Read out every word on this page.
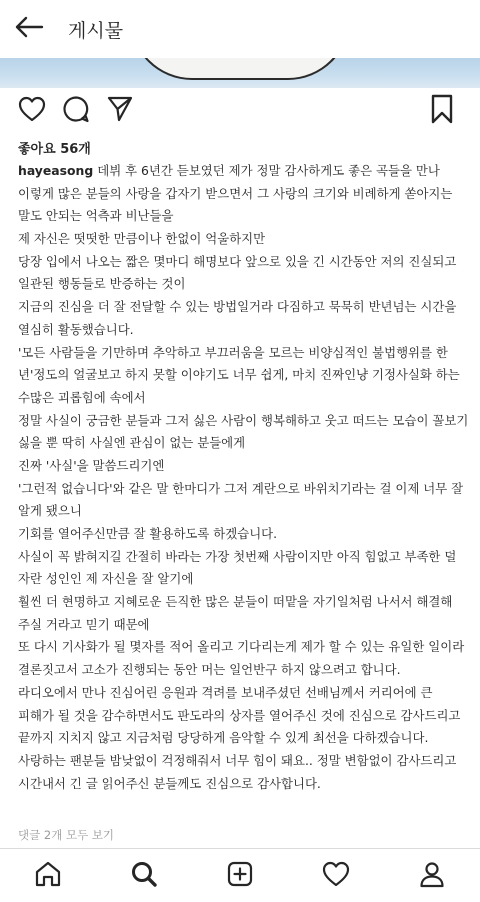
게시물
좋아요 56개
hayeasong 데뷔 후 6년간 듣보였던 제가 정말 감사하게도 좋은 곡들을 만나
이렇게 많은 분들의 사랑을 갑자기 받으면서 그 사랑의 크기와 비례하게 쏟아지는
말도 안되는 억측과 비난들을
제 자신은 떳떳한 만큼이나 한없이 억울하지만
당장 입에서 나오는 짧은 몇마디 해명보다 앞으로 있을 긴 시간동안 저의 진실되고
일관된 행동들로 반증하는 것이
지금의 진심을 더 잘 전달할 수 있는 방법일거라 다짐하고 묵묵히 반년넘는 시간을
열심히 활동했습니다.
'모든 사람들을 기만하며 추악하고 부끄러움을 모르는 비양심적인 불법행위를 한
년'정도의 얼굴보고 하지 못할 이야기도 너무 쉽게, 마치 진짜인냥 기정사실화 하는
수많은 괴롭힘에 속에서
정말 사실이 궁금한 분들과 그저 싫은 사람이 행복해하고 웃고 떠드는 모습이 꼴보기
싫을 뿐 딱히 사실엔 관심이 없는 분들에게
진짜 '사실'을 말씀드리기엔
'그런적 없습니다'와 같은 말 한마디가 그저 계란으로 바위치기라는 걸 이제 너무 잘
알게 됐으니
기회를 열어주신만큼 잘 활용하도록 하겠습니다.
사실이 꼭 밝혀지길 간절히 바라는 가장 첫번째 사람이지만 아직 힘없고 부족한 덜
자란 성인인 제 자신을 잘 알기에
훨씬 더 현명하고 지혜로운 든직한 많은 분들이 떠맡을 자기일처럼 나서서 해결해
주실 거라고 믿기 때문에
또 다시 기사화가 될 몇자를 적어 올리고 기다리는게 제가 할 수 있는 유일한 일이라
결론짓고서 고소가 진행되는 동안 머는 일언반구 하지 않으려고 합니다.
라디오에서 만나 진심어린 응원과 격려를 보내주셨던 선배님께서 커리어에 큰
피해가 될 것을 감수하면서도 판도라의 상자를 열어주신 것에 진심으로 감사드리고
끝까지 지치지 않고 지금처럼 당당하게 음악할 수 있게 최선을 다하겠습니다.
사랑하는 팬분들 밤낮없이 걱정해줘서 너무 힘이 돼요.. 정말 변함없이 감사드리고
시간내서 긴 글 읽어주신 분들께도 진심으로 감사합니다.
댓글 2개 모두 보기
